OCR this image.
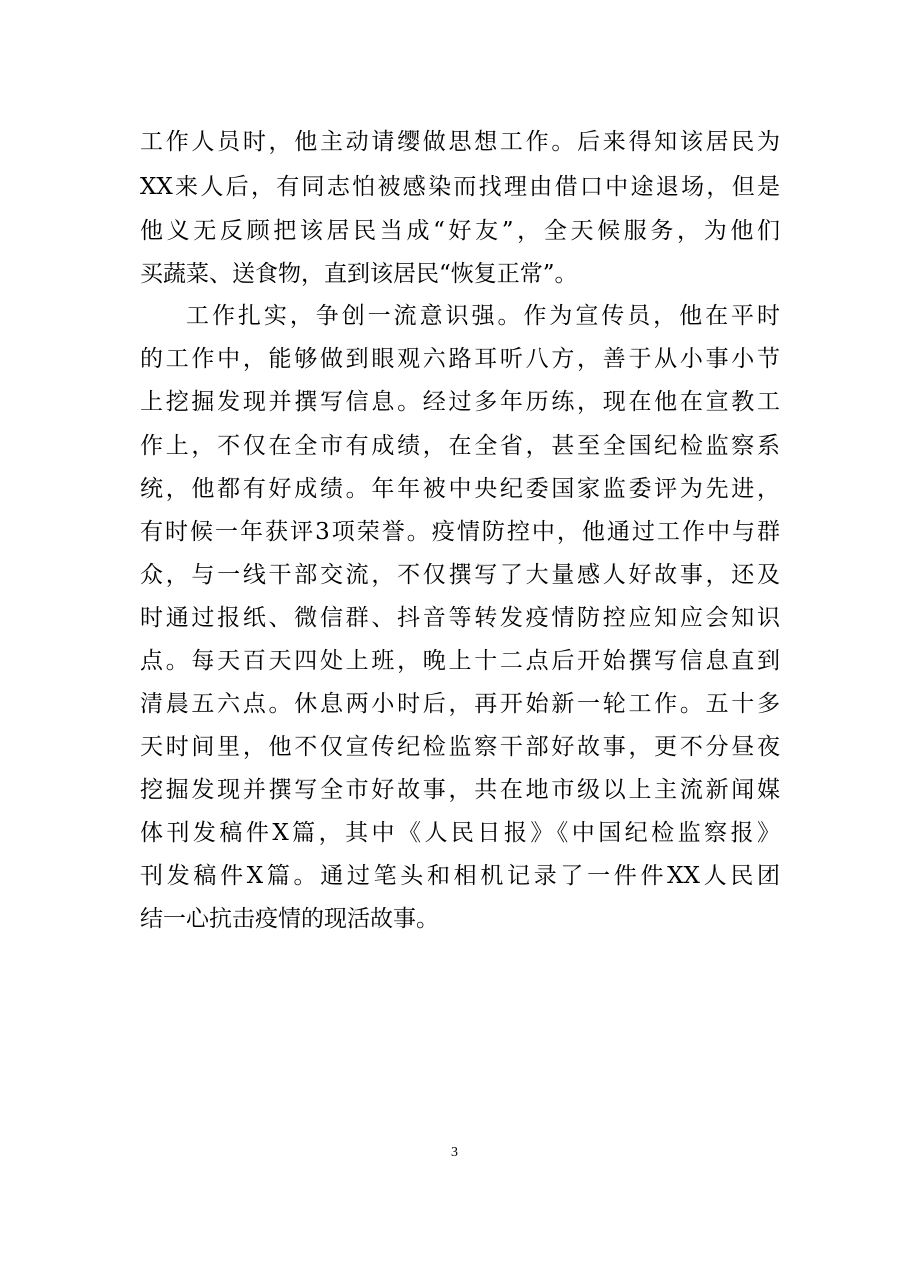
工作人员时，他主动请缨做思想工作。后来得知该居民为
XX来人后，有同志怕被感染而找理由借口中途退场，但是
他义无反顾把该居民当成“好友”，全天候服务，为他们
买蔬菜、送食物，直到该居民“恢复正常”。
工作扎实，争创一流意识强。作为宣传员，他在平时
的工作中，能够做到眼观六路耳听八方，善于从小事小节
上挖掘发现并撰写信息。经过多年历练，现在他在宣教工
作上，不仅在全市有成绩，在全省，甚至全国纪检监察系
统，他都有好成绩。年年被中央纪委国家监委评为先进，
有时候一年获评3项荣誉。疫情防控中，他通过工作中与群
众，与一线干部交流，不仅撰写了大量感人好故事，还及
时通过报纸、微信群、抖音等转发疫情防控应知应会知识
点。每天百天四处上班，晚上十二点后开始撰写信息直到
清晨五六点。休息两小时后，再开始新一轮工作。五十多
天时间里，他不仅宣传纪检监察干部好故事，更不分昼夜
挖掘发现并撰写全市好故事，共在地市级以上主流新闻媒
体刊发稿件X篇，其中《人民日报》《中国纪检监察报》
刊发稿件X篇。通过笔头和相机记录了一件件XX人民团
结一心抗击疫情的现活故事。
3
